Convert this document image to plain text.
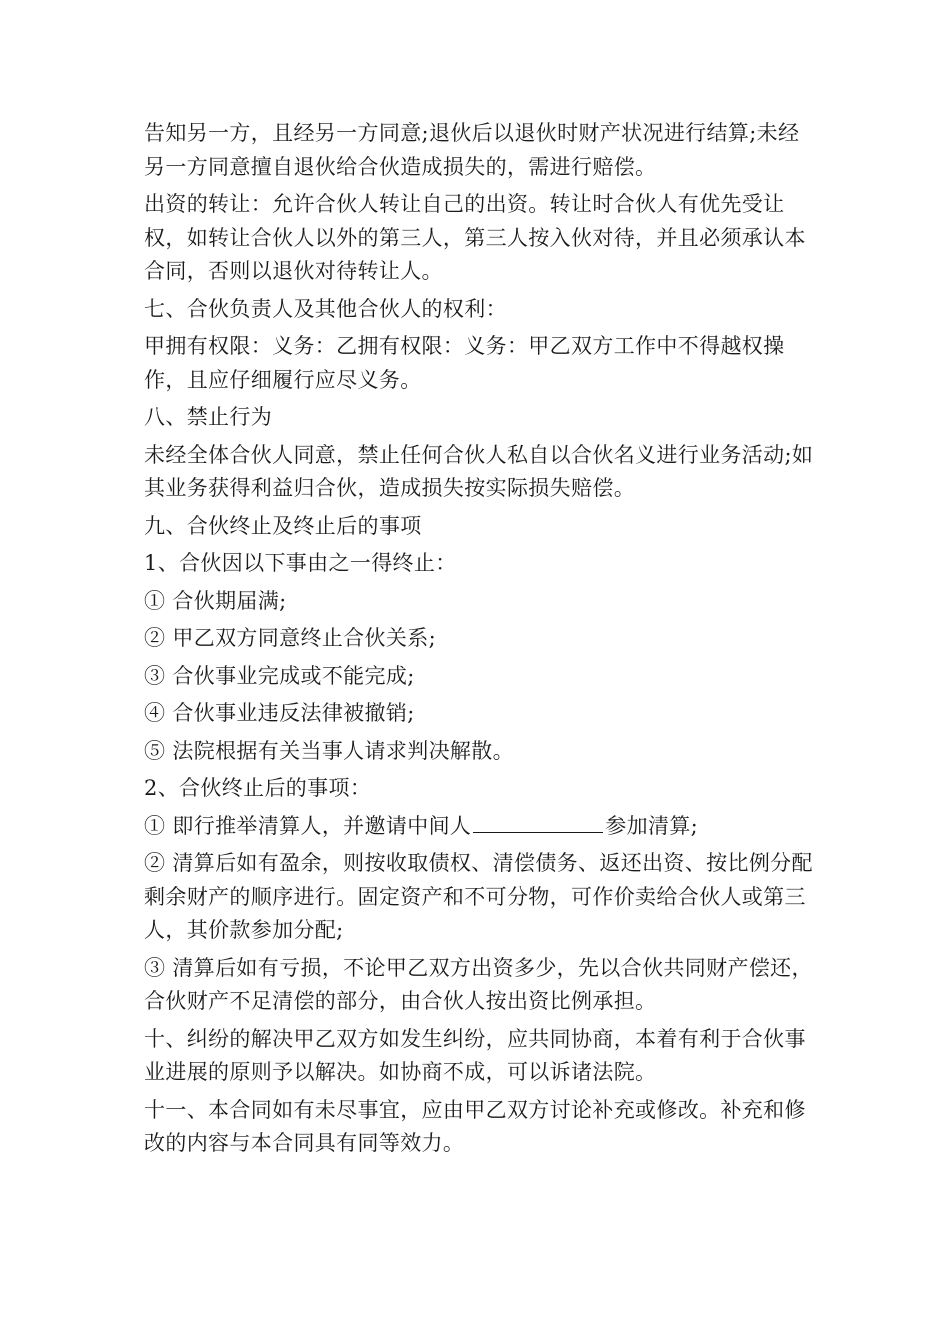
告知另一方，且经另一方同意;退伙后以退伙时财产状况进行结算;未经另一方同意擅自退伙给合伙造成损失的，需进行赔偿。

出资的转让：允许合伙人转让自己的出资。转让时合伙人有优先受让权，如转让合伙人以外的第三人，第三人按入伙对待，并且必须承认本合同，否则以退伙对待转让人。

七、合伙负责人及其他合伙人的权利：

甲拥有权限：义务：乙拥有权限：义务：甲乙双方工作中不得越权操作，且应仔细履行应尽义务。

八、禁止行为

未经全体合伙人同意，禁止任何合伙人私自以合伙名义进行业务活动;如其业务获得利益归合伙，造成损失按实际损失赔偿。

九、合伙终止及终止后的事项

1、合伙因以下事由之一得终止：

① 合伙期届满;

② 甲乙双方同意终止合伙关系;

③ 合伙事业完成或不能完成;

④ 合伙事业违反法律被撤销;

⑤ 法院根据有关当事人请求判决解散。

2、合伙终止后的事项：

① 即行推举清算人，并邀请中间人	参加清算;

② 清算后如有盈余，则按收取债权、清偿债务、返还出资、按比例分配剩余财产的顺序进行。固定资产和不可分物，可作价卖给合伙人或第三人，其价款参加分配;

③ 清算后如有亏损，不论甲乙双方出资多少，先以合伙共同财产偿还，合伙财产不足清偿的部分，由合伙人按出资比例承担。

十、纠纷的解决甲乙双方如发生纠纷，应共同协商，本着有利于合伙事业进展的原则予以解决。如协商不成，可以诉诸法院。

十一、本合同如有未尽事宜，应由甲乙双方讨论补充或修改。补充和修改的内容与本合同具有同等效力。
